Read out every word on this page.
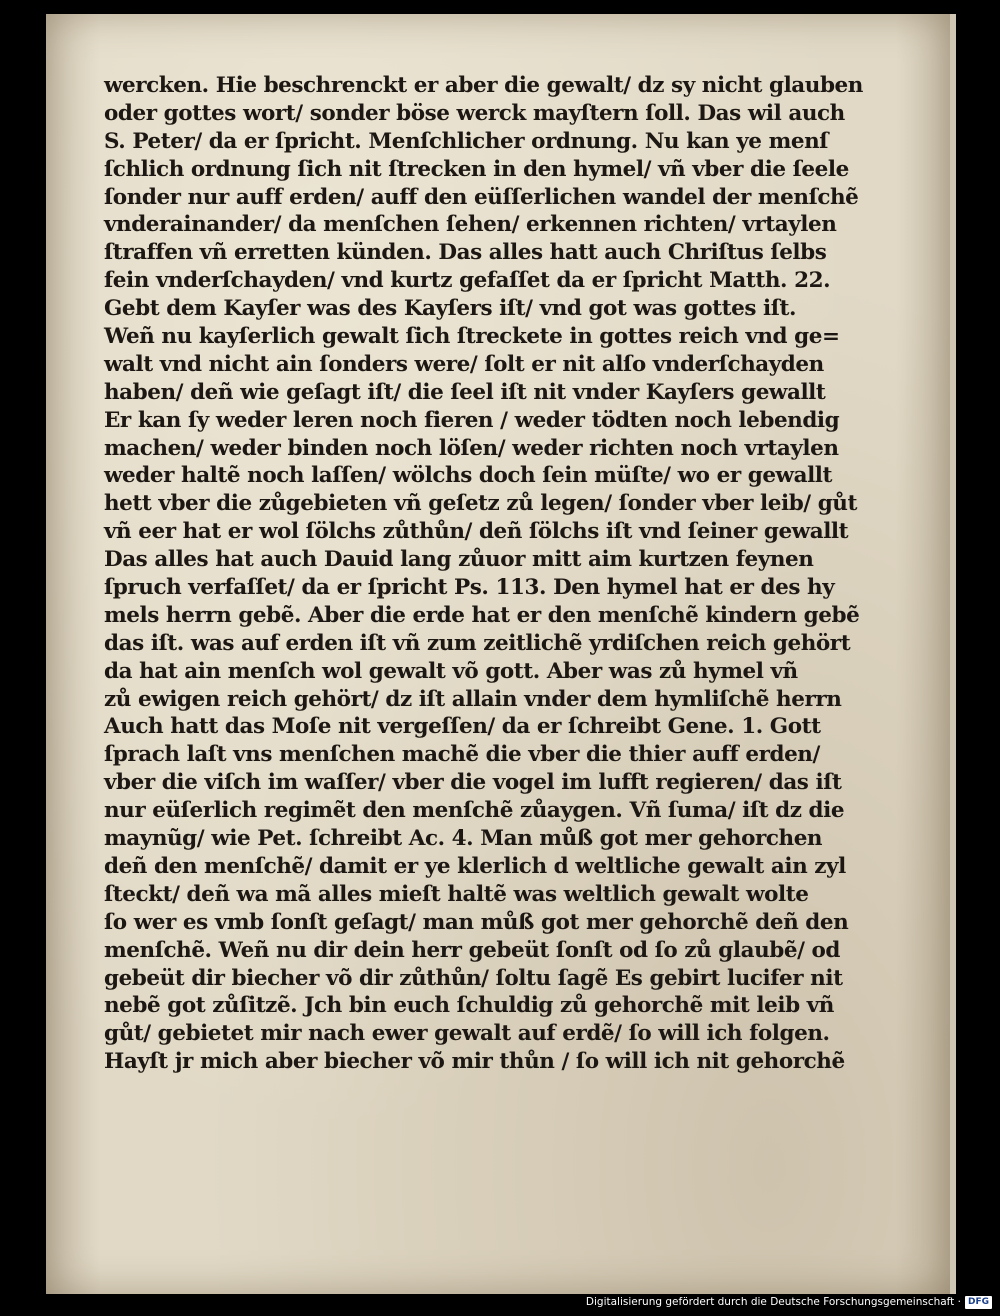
wercken. Hie beschrenckt er aber die gewalt/ dz sy nicht glauben
oder gottes wort/ sonder böse werck mayſtern ſoll. Das wil auch
S. Peter/ da er ſpricht. Menſchlicher ordnung. Nu kan ye menſ
ſchlich ordnung ſich nit ſtrecken in den hymel/ vñ vber die ſeele
ſonder nur auff erden/ auff den eüſſerlichen wandel der menſchẽ
vnderainander/ da menſchen ſehen/ erkennen richten/ vrtaylen
ſtraffen vñ erretten künden. Das alles hatt auch Chriſtus ſelbs
fein vnderſchayden/ vnd kurtz gefaſſet da er ſpricht Matth. 22.
Gebt dem Kayſer was des Kayſers iſt/ vnd got was gottes iſt.
Weñ nu kayſerlich gewalt ſich ſtreckete in gottes reich vnd ge=
walt vnd nicht ain ſonders were/ ſolt er nit alſo vnderſchayden
haben/ deñ wie geſagt iſt/ die ſeel iſt nit vnder Kayſers gewallt
Er kan ſy weder leren noch fieren / weder tödten noch lebendig
machen/ weder binden noch löſen/ weder richten noch vrtaylen
weder haltẽ noch laſſen/ wölchs doch ſein müſte/ wo er gewallt
hett vber die zůgebieten vñ geſetz zů legen/ ſonder vber leib/ gůt
vñ eer hat er wol ſölchs zůthůn/ deñ ſölchs iſt vnd ſeiner gewallt
Das alles hat auch Dauid lang zůuor mitt aim kurtzen feynen
ſpruch verfaſſet/ da er ſpricht Ps. 113. Den hymel hat er des hy
mels herrn gebẽ. Aber die erde hat er den menſchẽ kindern gebẽ
das iſt. was auf erden iſt vñ zum zeitlichẽ yrdiſchen reich gehört
da hat ain menſch wol gewalt võ gott. Aber was zů hymel vñ
zů ewigen reich gehört/ dz iſt allain vnder dem hymliſchẽ herrn
Auch hatt das Moſe nit vergeſſen/ da er ſchreibt Gene. 1. Gott
ſprach laſt vns menſchen machẽ die vber die thier auff erden/
vber die viſch im waſſer/ vber die vogel im lufft regieren/ das iſt
nur eüſerlich regimẽt den menſchẽ zůaygen. Vñ ſuma/ iſt dz die
maynũg/ wie Pet. ſchreibt Ac. 4. Man můß got mer gehorchen
deñ den menſchẽ/ damit er ye klerlich d weltliche gewalt ain zyl
ſteckt/ deñ wa mã alles mieſt haltẽ was weltlich gewalt wolte
ſo wer es vmb ſonſt geſagt/ man můß got mer gehorchẽ deñ den
menſchẽ. Weñ nu dir dein herr gebeüt ſonſt od ſo zů glaubẽ/ od
gebeüt dir biecher võ dir zůthůn/ ſoltu ſagẽ Es gebirt lucifer nit
nebẽ got zůſitzẽ. Jch bin euch ſchuldig zů gehorchẽ mit leib vñ
gůt/ gebietet mir nach ewer gewalt auf erdẽ/ ſo will ich folgen.
Hayſt jr mich aber biecher võ mir thůn / ſo will ich nit gehorchẽ
Digitalisierung gefördert durch die Deutsche Forschungsgemeinschaft · DFG
